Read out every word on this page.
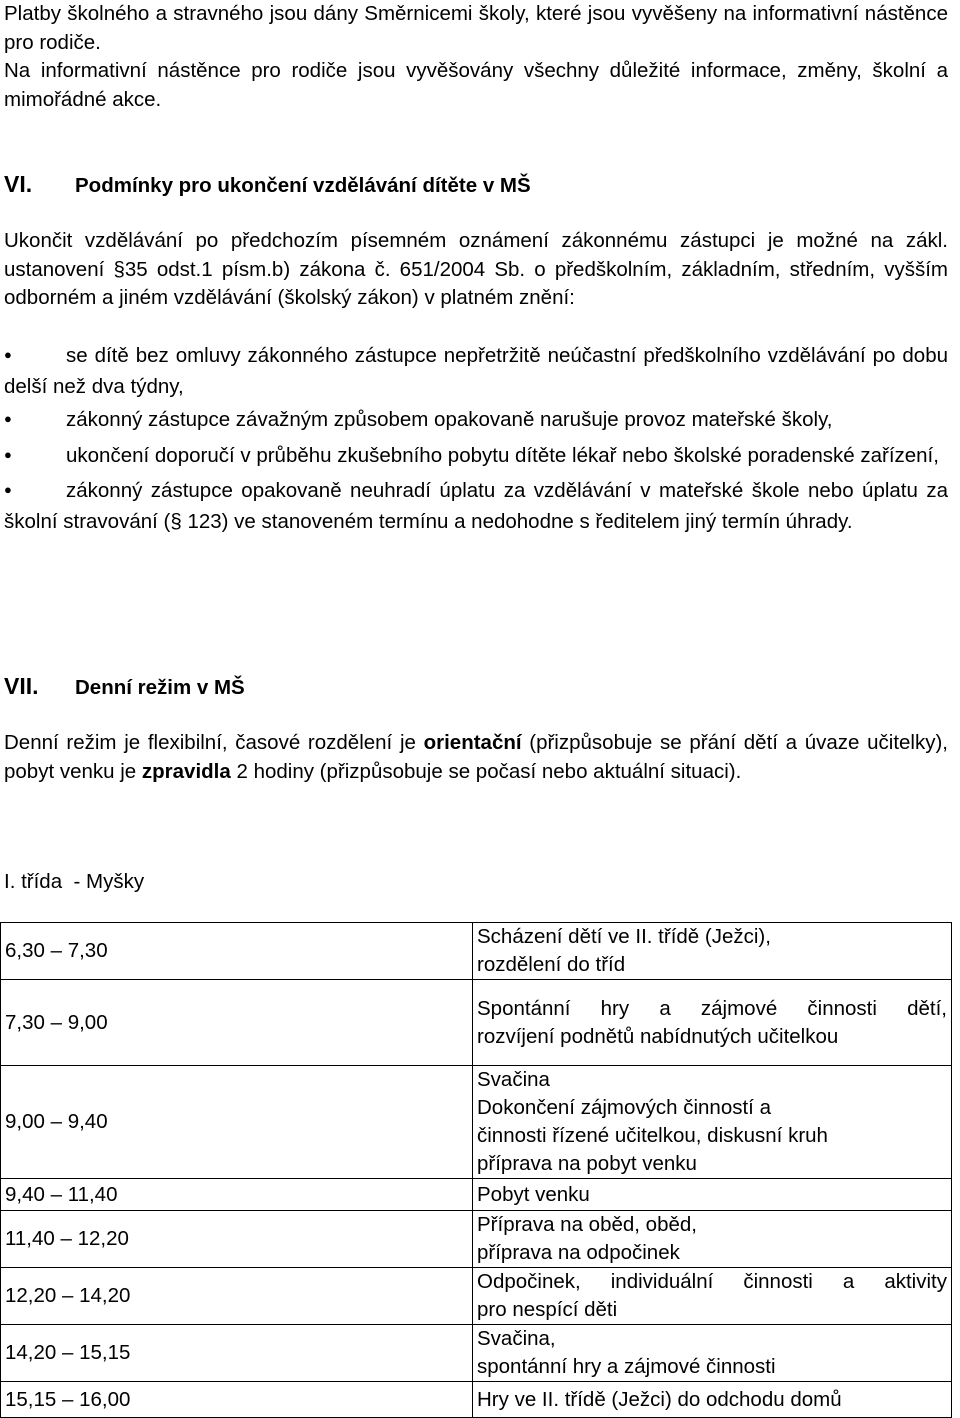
Platby školného a stravného jsou dány Směrnicemi školy, které jsou vyvěšeny na informativní nástěnce pro rodiče.

Na informativní nástěnce pro rodiče jsou vyvěšovány všechny důležité informace, změny, školní a mimořádné akce.

VI.	Podmínky pro ukončení vzdělávání dítěte v MŠ

Ukončit vzdělávání po předchozím písemném oznámení zákonnému zástupci je možné na zákl. ustanovení §35 odst.1 písm.b) zákona č. 651/2004 Sb. o předškolním, základním, středním, vyšším odborném a jiném vzdělávání (školský zákon) v platném znění:

●se dítě bez omluvy zákonného zástupce nepřetržitě neúčastní předškolního vzdělávání po dobu delší než dva týdny,

●zákonný zástupce závažným způsobem opakovaně narušuje provoz mateřské školy,

●ukončení doporučí v průběhu zkušebního pobytu dítěte lékař nebo školské poradenské zařízení,

●zákonný zástupce opakovaně neuhradí úplatu za vzdělávání v mateřské škole nebo úplatu za školní stravování (§ 123) ve stanoveném termínu a nedohodne s ředitelem jiný termín úhrady.

VII.	Denní režim v MŠ

Denní režim je flexibilní, časové rozdělení je orientační (přizpůsobuje se přání dětí a úvaze učitelky), pobyt venku je zpravidla 2 hodiny (přizpůsobuje se počasí nebo aktuální situaci).

I. třída  - Myšky

6,30 – 7,30	Scházení dětí ve II. třídě (Ježci),
rozdělení do tříd

7,30 – 9,00	Spontánní hry a zájmové činnosti dětí,
rozvíjení podnětů nabídnutých učitelkou

9,00 – 9,40	Svačina
Dokončení zájmových činností a
činnosti řízené učitelkou, diskusní kruh
příprava na pobyt venku

9,40 – 11,40	Pobyt venku

11,40 – 12,20	Příprava na oběd, oběd,
příprava na odpočinek

12,20 – 14,20	Odpočinek, individuální činnosti a aktivity
pro nespící děti

14,20 – 15,15	Svačina,
spontánní hry a zájmové činnosti

15,15 – 16,00	Hry ve II. třídě (Ježci) do odchodu domů
